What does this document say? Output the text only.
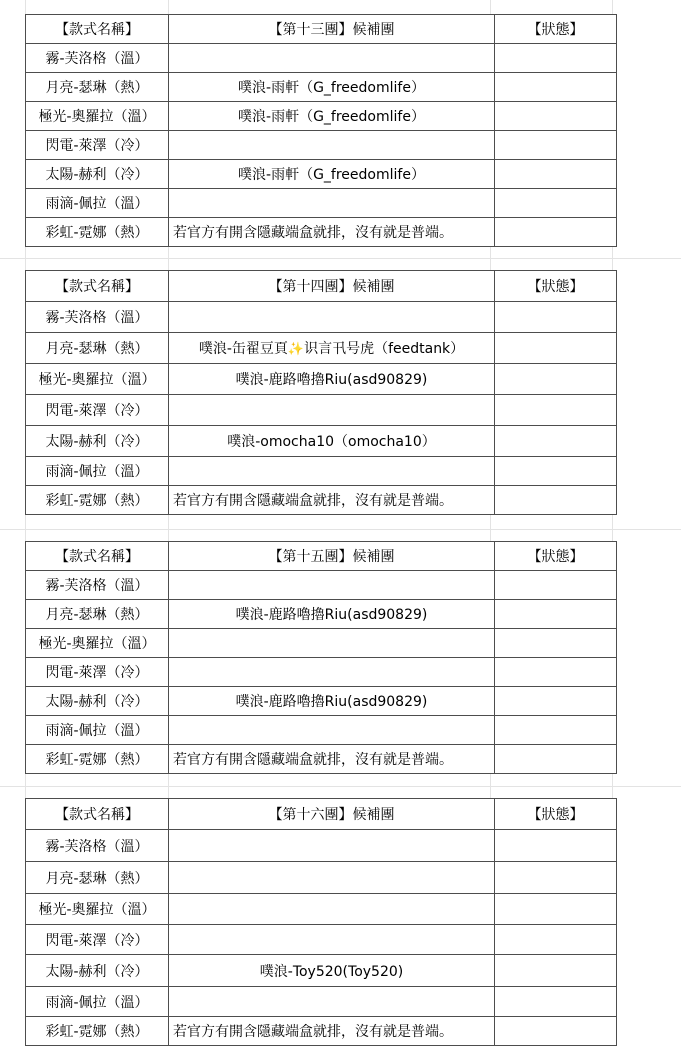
【款式名稱】	【第十三團】候補團	【狀態】
霧-芙洛格（溫）		
月亮-瑟琳（熱）	噗浪-雨軒（G_freedomlife）	
極光-奧羅拉（溫）	噗浪-雨軒（G_freedomlife）	
閃電-萊澤（冷）		
太陽-赫利（冷）	噗浪-雨軒（G_freedomlife）	
雨滴-佩拉（溫）		
彩虹-霓娜（熱）	若官方有開含隱藏端盒就排，沒有就是普端。	
【款式名稱】	【第十四團】候補團	【狀態】
霧-芙洛格（溫）		
月亮-瑟琳（熱）	噗浪-缶翟豆頁✨识言卂号虎（feedtank）	
極光-奧羅拉（溫）	噗浪-鹿路嚕擼Riu(asd90829)	
閃電-萊澤（冷）		
太陽-赫利（冷）	噗浪-omocha10（omocha10）	
雨滴-佩拉（溫）		
彩虹-霓娜（熱）	若官方有開含隱藏端盒就排，沒有就是普端。	
【款式名稱】	【第十五團】候補團	【狀態】
霧-芙洛格（溫）		
月亮-瑟琳（熱）	噗浪-鹿路嚕擼Riu(asd90829)	
極光-奧羅拉（溫）		
閃電-萊澤（冷）		
太陽-赫利（冷）	噗浪-鹿路嚕擼Riu(asd90829)	
雨滴-佩拉（溫）		
彩虹-霓娜（熱）	若官方有開含隱藏端盒就排，沒有就是普端。	
【款式名稱】	【第十六團】候補團	【狀態】
霧-芙洛格（溫）		
月亮-瑟琳（熱）		
極光-奧羅拉（溫）		
閃電-萊澤（冷）		
太陽-赫利（冷）	噗浪-Toy520(Toy520)	
雨滴-佩拉（溫）		
彩虹-霓娜（熱）	若官方有開含隱藏端盒就排，沒有就是普端。	
